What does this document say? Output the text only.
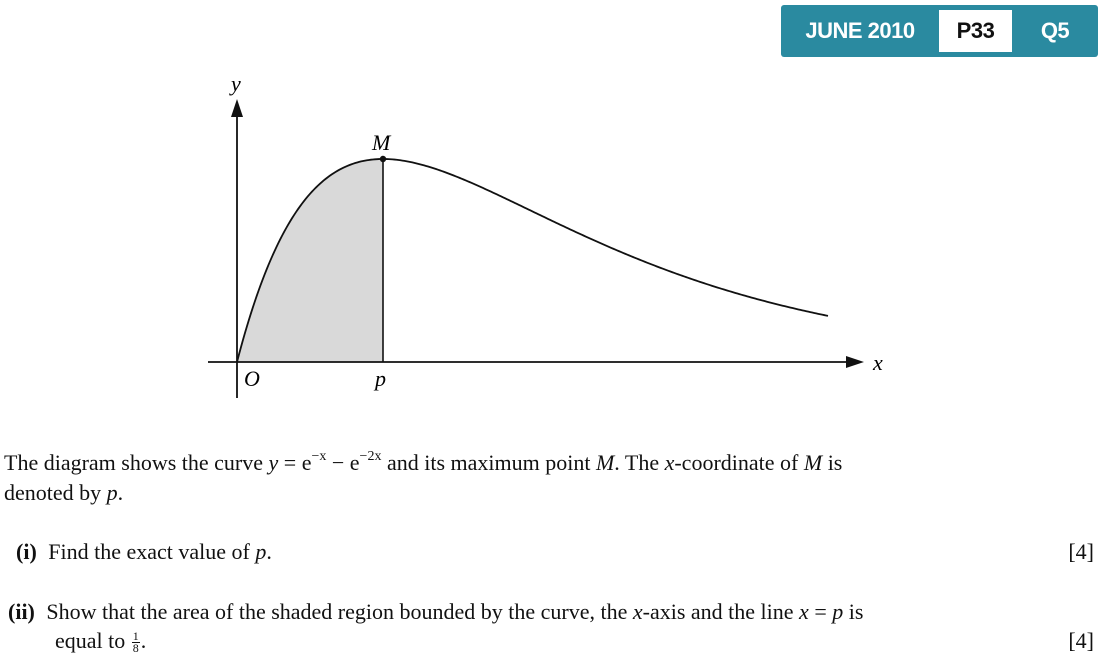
JUNE 2010	P33	Q5
y
x
O
M
p
The diagram shows the curve $y = e^{-x} - e^{-2x}$ and its maximum point M. The x-coordinate of M is
denoted by p.
(i) Find the exact value of p.	[4]
(ii) Show that the area of the shaded region bounded by the curve, the x-axis and the line x = p is
equal to $\frac{1}{8}$ .	[4]
